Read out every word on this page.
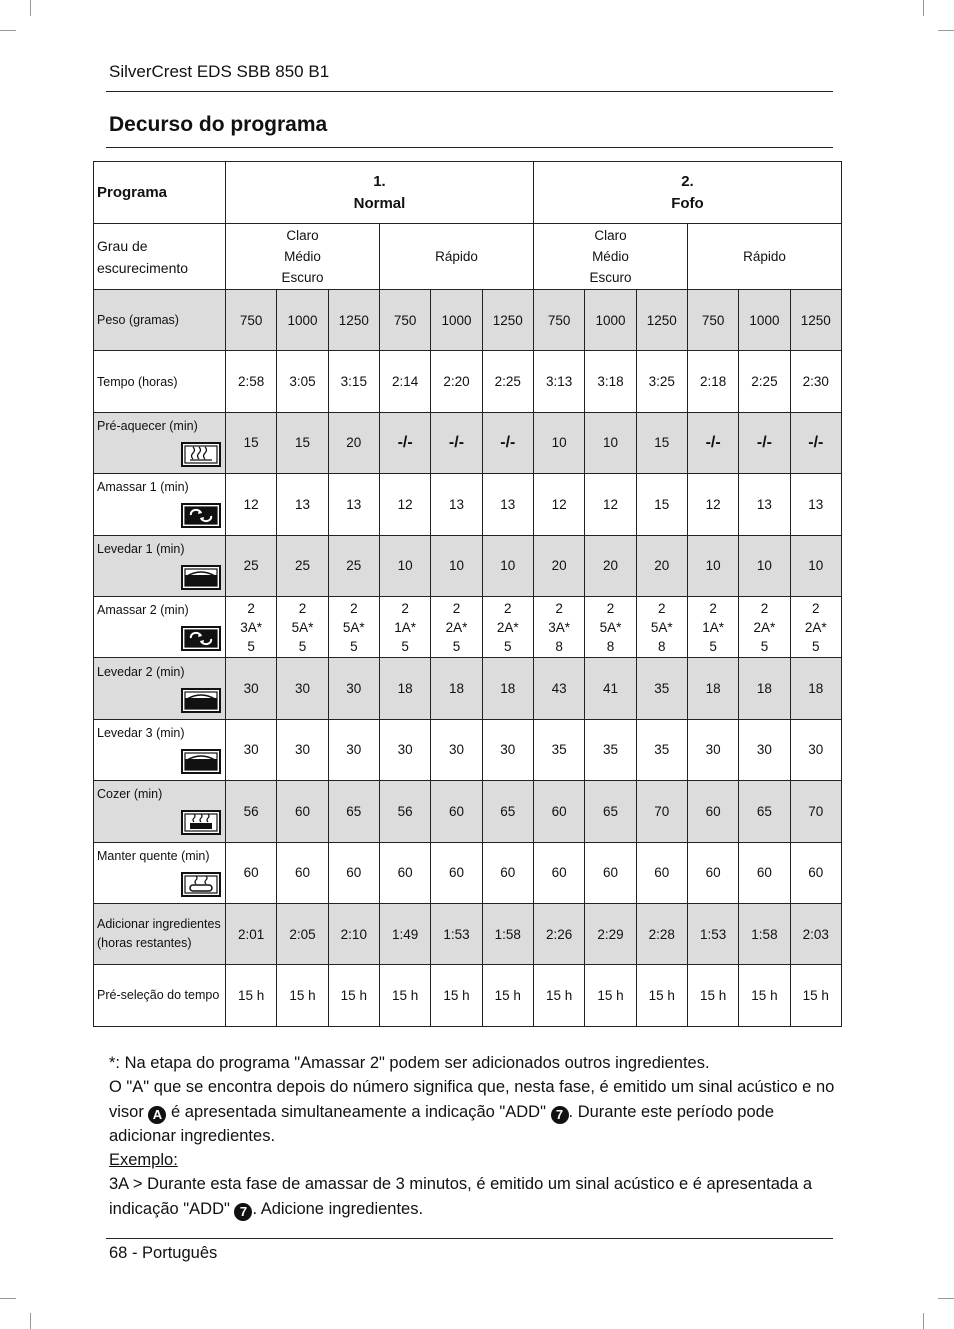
SilverCrest EDS SBB 850 B1
Decurso do programa
Programa	1.
Normal						2.
Fofo					

Grau de escurecimento	Claro
Médio
Escuro			Rápido			Claro
Médio
Escuro			Rápido		
Peso (gramas)	750	1000	1250	750	1000	1250	750	1000	1250	750	1000	1250
Tempo (horas)	2:58	3:05	3:15	2:14	2:20	2:25	3:13	3:18	3:25	2:18	2:25	2:30

Pré-aquecer (min)	15	15	20	-/-	-/-	-/-	10	10	15	-/-	-/-	-/-

Amassar 1 (min)	12	13	13	12	13	13	12	12	15	12	13	13

Levedar 1 (min)	25	25	25	10	10	10	20	20	20	10	10	10

Amassar 2 (min)	2
3A*
5	2
5A*
5	2
5A*
5	2
1A*
5	2
2A*
5	2
2A*
5	2
3A*
8	2
5A*
8	2
5A*
8	2
1A*
5	2
2A*
5	2
2A*
5

Levedar 2 (min)	30	30	30	18	18	18	43	41	35	18	18	18

Levedar 3 (min)	30	30	30	30	30	30	35	35	35	30	30	30

Cozer (min)	56	60	65	56	60	65	60	65	70	60	65	70

Manter quente (min)	60	60	60	60	60	60	60	60	60	60	60	60
Adicionar ingredientes (horas restantes)	2:01	2:05	2:10	1:49	1:53	1:58	2:26	2:29	2:28	1:53	1:58	2:03
Pré-seleção do tempo	15 h	15 h	15 h	15 h	15 h	15 h	15 h	15 h	15 h	15 h	15 h	15 h

*: Na etapa do programa "Amassar 2" podem ser adicionados outros ingredientes.

O "A" que se encontra depois do número significa que, nesta fase, é emitido um sinal acústico e no visor A é apresentada simultaneamente a indicação "ADD" 7 . Durante este período pode adicionar ingredientes.

Exemplo:

3A > Durante esta fase de amassar de 3 minutos, é emitido um sinal acústico e é apresentada a indicação "ADD" 7 . Adicione ingredientes.

68 - Português
